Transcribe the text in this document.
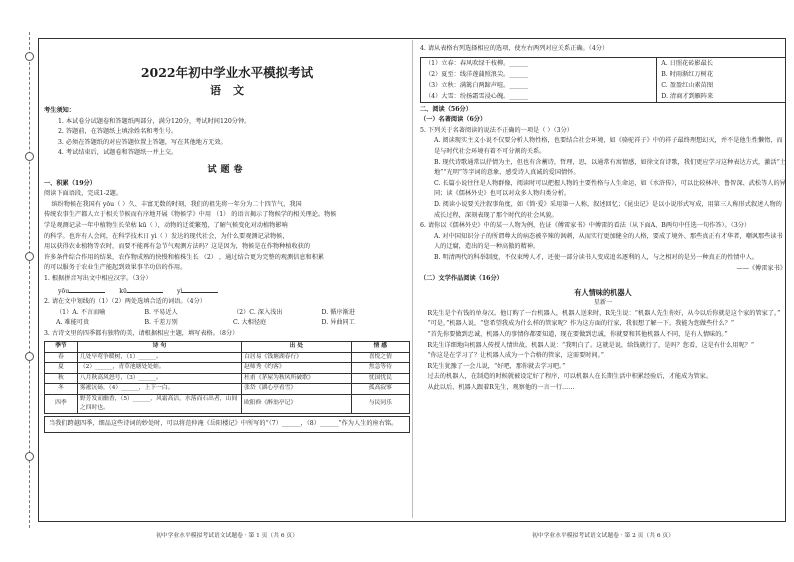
2022年初中学业水平模拟考试
语文
考生须知：
1. 本试卷分试题卷和答题纸两部分，满分120分，考试时间120分钟。
2. 答题前，在答题纸上填涂姓名和考生号。
3. 必须在答题纸的对应答题位置上答题，写在其他地方无效。
4. 考试结束后，试题卷和答题纸一并上交。
试题卷
一、积累（19分）
阅读下面语段，完成1-2题。
缤纷物候在我国有 yōu（ ）久、丰富无数的时刻，我们的祖先将一年分为二十四节气，我国
传统农事生产都人立于相关节候而有序地开展《物候学》中用 （1） 的语言揭示了物候学的相关理论。物候
学是观测记录一年中植物生长荣枯 kū（ ），动物的迁徙繁殖，了解气候变化对动植物影响
的科学。也许有人会问，在科学技术日 yì（ ）发达的现代社会，为什么要观测记录物候，
用以获得农业植物等农时，而要不能再有急节气观测方法吗？这是因为，物候是在作物种植收获的
许多条件综合作用的结果，农作物成熟的快慢和植株生长 （2） ，通过结合更为完整的观测信息和积累
的可以服务于农业生产能起到效果事半功倍的作用。
1. 根据拼音写出文中相应汉字。（3分）
yōu	kū	yì
2. 请在文中划线的（1）（2）两处选填合适的词语。（4分）
（1）A. 不言而喻	B. 平易近人	（2）C. 深入浅出	D. 循序渐进
A. 难能可贵	B. 千差万别	C. 大相径庭	D. 异曲同工
3. 古诗文里的四季都有独特的美，请根据相应主题，填写表格。（8分）
季节	诗 句	出 处	情 感
春	几处早莺争暖树，（1）______。	白居易《钱塘湖春行》	喜悦之情
夏	（2）______，青草池塘处处蛙。	赵师秀《约客》	焦急等待
秋	八月秋高风怒号，（3）______。	杜甫《茅屋为秋风所破歌》	忧国忧民
冬	雾凇沆砀，（4）______，上下一白。	张岱《湖心亭看雪》	孤高寂寥
四季	野芳发而幽香，（5）______，风霜高洁，水落而石出者，山间之四时也。	欧阳修《醉翁亭记》	与民同乐
当我们跨越四季，细品这些诗词的妙处时，可以将范仲淹《岳阳楼记》中所写的“（7）______，（8）______”作为人生的座右铭。
初中学业水平模拟考试语文试题卷 · 第 1 页（共 6 页）
4. 请从表格右列选择相应的选项，使左右两列对应关系正确。（4分）
（1）立春：春风吹绿千枝柳。______	A. 日照花砖影最长
（2）夏至：线洋莲蒲照浪尖。______	B. 时雨渐红万树花
（3）立秋：满篱白两蹄声喧。______	C. 盈盈红山素苗图
（4）大雪：纷扬霜雪浸心魄。______	D. 清商才到雁阵来
二、阅读（56分）
（一）名著阅读（6分）
5. 下列关于名著阅读的说法不正确的一项是（ ）（3分）
A. 阅读现实主义小说不仅要分析人物性格，也要结合社会环境，如《骆驼祥子》中的祥子最终理想幻灭，并不是他生性懒惰，而是与时代社会环境有着不可分割的关系。
B. 现代诗歌通常以抒情为主，但也有含蓄诗，哲理，思，以通常有寓情感，如徐文育诗歌，我们更应学习这种表达方式，激活“土地”“光明”等字词的意象，感受诗人真诚的爱国情怀。
C. 长篇小说往往是人物群像，阅读时可以把握人物的主要性格与人生命运，如《水浒传》，可以比较林冲、鲁智深、武松等人的异同；读《儒林外史》也可以对众多人物归类分析。
D. 阅读小说要关注叙事角度，如《简·爱》采用第一人称，叙述回忆；《昆虫记》是以小说形式写成，用第三人称形式叙述人物的成长过程，深刻表现了那个时代的社会风貌。
6. 请你以《儒林外史》中的某一人物为例，佐证《傅雷家书》中傅雷的看法（从下面A、B两句中任选一句作答）。（3分）
A. 对中国知识分子的所谓尊大的病态被辛辣的讽刺，从而实行更加健全的人格，要成了境外、那些真正有才华者，嘲讽那些读书人的迂腐，造出的是一种高傲的精神。
B. 明清两代的科举制度，不仅束缚人才，还使一部分读书人变成追名逐利的人，与之相对的是另一种真正的性情中人。
——《傅雷家书》
（二）文学作品阅读（16分）
有人情味的机器人
星新一
R先生是个有钱的单身汉。他订购了一台机器人，机器人送来时，R先生说：“机器人先生你好，从今以后你就是这个家的管家了。”
“可是，”机器人说，“您希望我成为什么样的管家呢？作为这方面的行家，我很想了解一下。我能为您做些什么？”
“首先你要做到忠诚，机器人的事情你都要知道，现在要做到忠诚，你就要和其他机器人不同，是有人情味的。”
R先生详细地向机器人传授人情世故。机器人说：“我明白了。这就是说，给钱就行了，是吗？您看，这是有什么用呢？”
“你这是在学习了？让机器人成为一个合格的管家，这需要时间。”
R先生犹豫了一会儿说，“好吧，那你就去学习吧。”
过去的机器人，在制造的时候就被设定好了程序，可以机器人在长期生活中积累经验后，才能成为管家。
从此以后，机器人跟着R先生，观察他的一言一行……
初中学业水平模拟考试语文试题卷 · 第 2 页（共 6 页）
